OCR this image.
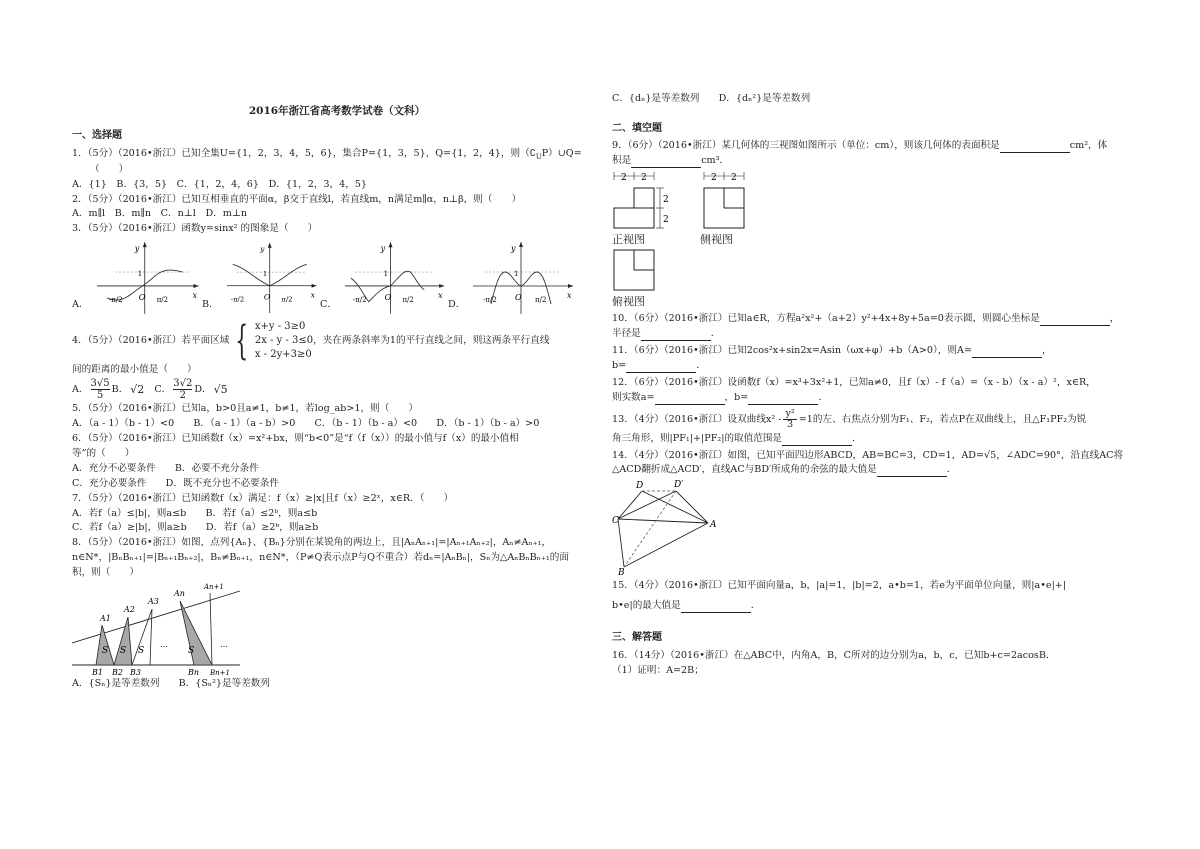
2016年浙江省高考数学试卷（文科）
一、选择题
1．（5分）（2016•浙江）已知全集U={1，2，3，4，5，6}，集合P={1，3，5}，Q={1，2，4}，则$(∁_UP)\cup Q=$
（　　）
A．{1}　B．{3，5}　C．{1，2，4，6}　D．{1，2，3，4，5}
2．（5分）（2016•浙江）已知互相垂直的平面α，β交于直线l，若直线m，n满足m∥α，n⊥β，则（　　）
A．m∥l　B．m∥n　C．n⊥l　D．m⊥n
3．（5分）（2016•浙江）函数y=sinx² 的图象是（　　）
A．
y
x
O
1
-π/2	π/2	B．
y
x
O
1
-π/2	π/2	C．
y
x
O
1
-π/2	π/2	D．
y
x
O
1
-π/2	π/2
4．（5分）（2016•浙江）若平面区域 { x+y - 3≥0
2x - y - 3≤0
x - 2y+3≥0
，夹在两条斜率为1的平行直线之间，则这两条平行直线
间的距离的最小值是（　　）
A． $\frac{3√5}{5}$ B． √2 C． $\frac{3√2}{2}$ D． √5
5．（5分）（2016•浙江）已知a，b>0且a≠1，b≠1，若log_ab>1，则（　　）
A．（a - 1）（b - 1）<0　　B．（a - 1）（a - b）>0　　C．（b - 1）（b - a）<0　　D．（b - 1）（b - a）>0
6．（5分）（2016•浙江）已知函数f（x）=x²+bx，则“b<0”是“f（f（x））的最小值与f（x）的最小值相
等”的（　　）
A．充分不必要条件　　B．必要不充分条件
C．充分必要条件　　D．既不充分也不必要条件
7．（5分）（2016•浙江）已知函数f（x）满足：f（x）≥|x|且f（x）≥2ˣ，x∈R．（　　）
A．若f（a）≤|b|，则a≤b　　B．若f（a）≤2ᵇ，则a≤b
C．若f（a）≥|b|，则a≥b　　D．若f（a）≥2ᵇ，则a≥b
8．（5分）（2016•浙江）如图，点列{Aₙ}、{Bₙ}分别在某锐角的两边上，且|AₙAₙ₊₁|=|Aₙ₊₁Aₙ₊₂|，Aₙ≠Aₙ₊₁，
n∈N*，|BₙBₙ₊₁|=|Bₙ₊₁Bₙ₊₂|，Bₙ≠Bₙ₊₁，n∈N*，（P≠Q表示点P与Q不重合）若dₙ=|AₙBₙ|，Sₙ为△AₙBₙBₙ₊₁的面
积，则（　　）
A1
A2
A3
An
An+1
B1 B2 B3	Bn Bn+1
S S S	S
…	…
A．{Sₙ}是等差数列　　B．{Sₙ²}是等差数列
C．{dₙ}是等差数列　　D．{dₙ²}是等差数列
二、填空题
9．（6分）（2016•浙江）某几何体的三视图如图所示（单位：cm），则该几何体的表面积是	cm²，体
积是	cm³．
2 2
2
2
正视图
2 2
侧视图
俯视图
10．（6分）（2016•浙江）已知a∈R，方程a²x²+（a+2）y²+4x+8y+5a=0表示圆，则圆心坐标是	，
半径是	．
11．（6分）（2016•浙江）已知2cos²x+sin2x=Asin（ωx+φ）+b（A>0），则A=	，
b=	．
12．（6分）（2016•浙江）设函数f（x）=x³+3x²+1，已知a≠0，且f（x）- f（a）=（x - b）（x - a）²，x∈R，
则实数a=	，b=	．
13．（4分）（2016•浙江）设双曲线$x^2 - \frac{\text{y²}}{3} =1$的左、右焦点分别为F₁、F₂，若点P在双曲线上，且△F₁PF₂为锐
角三角形，则|PF₁|+|PF₂|的取值范围是	．
14．（4分）（2016•浙江）如图，已知平面四边形ABCD，AB=BC=3，CD=1，AD=√5，∠ADC=90°，沿直线AC将
△ACD翻折成△ACD′，直线AC与BD′所成角的余弦的最大值是	．
D	D′
C	A
B
15．（4分）（2016•浙江）已知平面向量a，b，|a|=1，|b|=2，a•b=1，若e为平面单位向量，则|a•e|+|
b•e|的最大值是	．
三、解答题
16．（14分）（2016•浙江）在△ABC中，内角A，B，C所对的边分别为a，b，c，已知b+c=2acosB．
（1）证明：A=2B；
